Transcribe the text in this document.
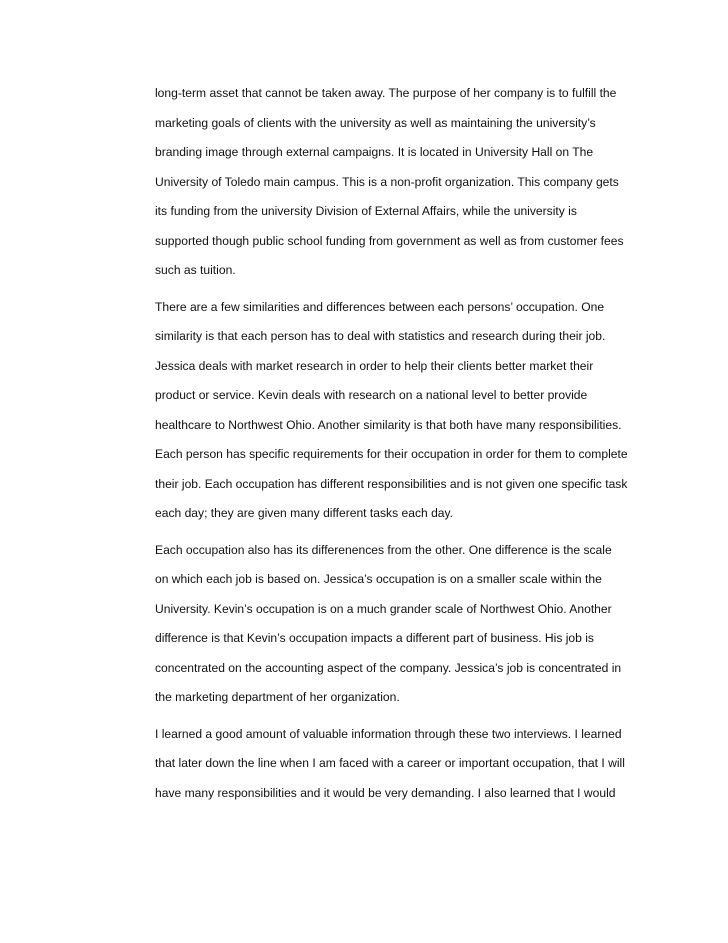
long-term asset that cannot be taken away. The purpose of her company is to fulfill the
marketing goals of clients with the university as well as maintaining the university’s
branding image through external campaigns. It is located in University Hall on The
University of Toledo main campus. This is a non-profit organization. This company gets
its funding from the university Division of External Affairs, while the university is
supported though public school funding from government as well as from customer fees
such as tuition.
There are a few similarities and differences between each persons’ occupation. One
similarity is that each person has to deal with statistics and research during their job.
Jessica deals with market research in order to help their clients better market their
product or service. Kevin deals with research on a national level to better provide
healthcare to Northwest Ohio. Another similarity is that both have many responsibilities.
Each person has specific requirements for their occupation in order for them to complete
their job. Each occupation has different responsibilities and is not given one specific task
each day; they are given many different tasks each day.
Each occupation also has its differenences from the other. One difference is the scale
on which each job is based on. Jessica’s occupation is on a smaller scale within the
University. Kevin’s occupation is on a much grander scale of Northwest Ohio. Another
difference is that Kevin’s occupation impacts a different part of business. His job is
concentrated on the accounting aspect of the company. Jessica’s job is concentrated in
the marketing department of her organization.
I learned a good amount of valuable information through these two interviews. I learned
that later down the line when I am faced with a career or important occupation, that I will
have many responsibilities and it would be very demanding. I also learned that I would
